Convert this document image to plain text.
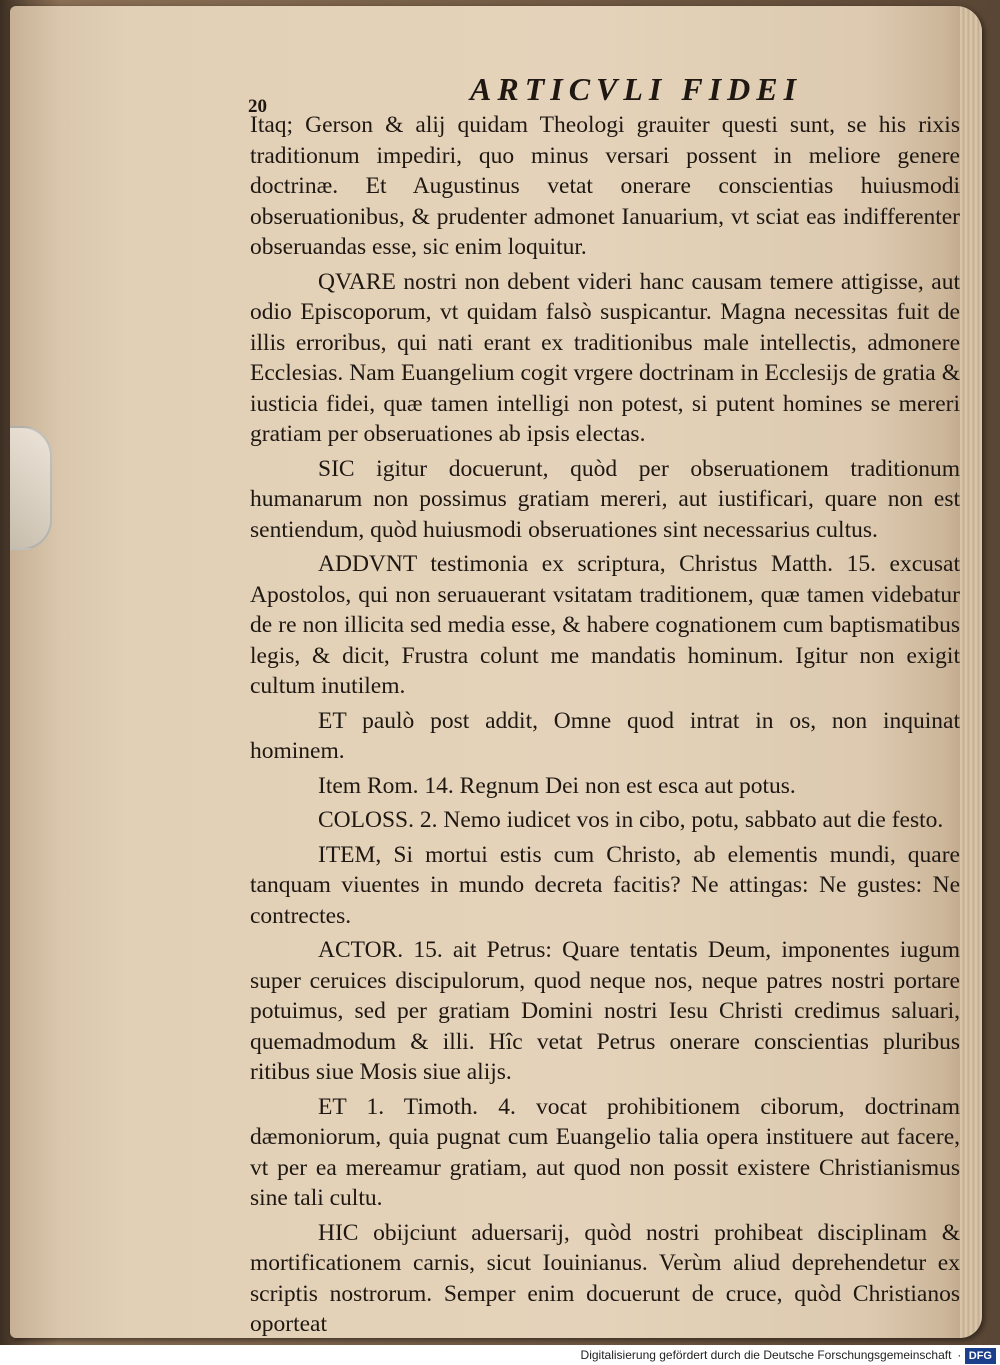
20	ARTICVLI FIDEI

Itaq; Gerson & alij quidam Theologi grauiter questi sunt, se his rixis traditionum impediri, quo minus versari possent in meliore genere doctrinæ. Et Augustinus vetat onerare conscientias huiusmodi obseruationibus, & prudenter admonet Ianuarium, vt sciat eas indifferenter obseruandas esse, sic enim loquitur.

QVARE nostri non debent videri hanc causam temere attigisse, aut odio Episcoporum, vt quidam falsò suspicantur. Magna necessitas fuit de illis erroribus, qui nati erant ex traditionibus male intellectis, admonere Ecclesias. Nam Euangelium cogit vrgere doctrinam in Ecclesijs de gratia & iusticia fidei, quæ tamen intelligi non potest, si putent homines se mereri gratiam per obseruationes ab ipsis electas.

SIC igitur docuerunt, quòd per obseruationem traditionum humanarum non possimus gratiam mereri, aut iustificari, quare non est sentiendum, quòd huiusmodi obseruationes sint necessarius cultus.

ADDVNT testimonia ex scriptura, Christus Matth. 15. excusat Apostolos, qui non seruauerant vsitatam traditionem, quæ tamen videbatur de re non illicita sed media esse, & habere cognationem cum baptismatibus legis, & dicit, Frustra colunt me mandatis hominum. Igitur non exigit cultum inutilem.

ET paulò post addit, Omne quod intrat in os, non inquinat hominem.

Item Rom. 14. Regnum Dei non est esca aut potus.

COLOSS. 2. Nemo iudicet vos in cibo, potu, sabbato aut die festo.

ITEM, Si mortui estis cum Christo, ab elementis mundi, quare tanquam viuentes in mundo decreta facitis? Ne attingas: Ne gustes: Ne contrectes.

ACTOR. 15. ait Petrus: Quare tentatis Deum, imponentes iugum super ceruices discipulorum, quod neque nos, neque patres nostri portare potuimus, sed per gratiam Domini nostri Iesu Christi credimus saluari, quemadmodum & illi. Hîc vetat Petrus onerare conscientias pluribus ritibus siue Mosis siue alijs.

ET 1. Timoth. 4. vocat prohibitionem ciborum, doctrinam dæmoniorum, quia pugnat cum Euangelio talia opera instituere aut facere, vt per ea mereamur gratiam, aut quod non possit existere Christianismus sine tali cultu.

HIC obijciunt aduersarij, quòd nostri prohibeat disciplinam & mortificationem carnis, sicut Iouinianus. Verùm aliud deprehendetur ex scriptis nostrorum. Semper enim docuerunt de cruce, quòd Christianos oporteat

Digitalisierung gefördert durch die Deutsche Forschungsgemeinschaft · DFG
